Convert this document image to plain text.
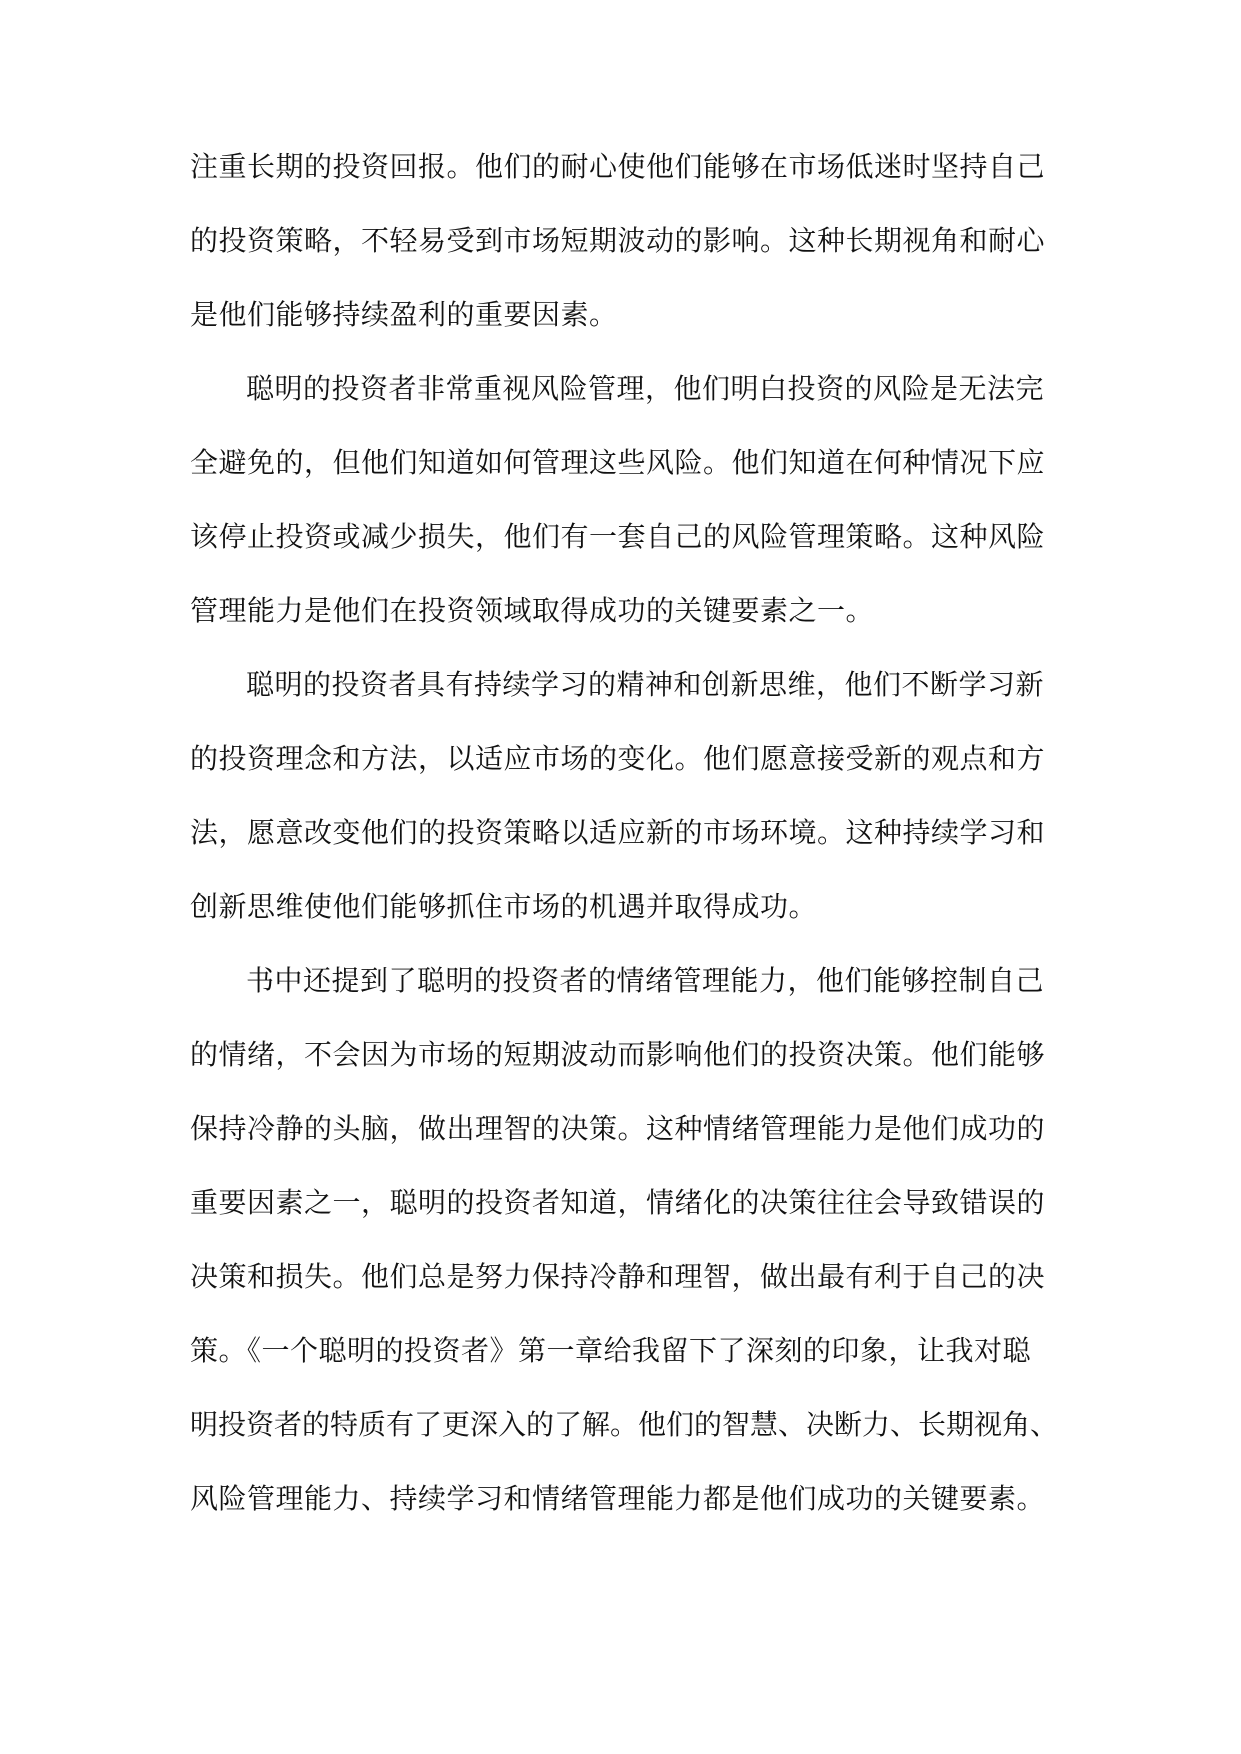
注重长期的投资回报。他们的耐心使他们能够在市场低迷时坚持自己
的投资策略，不轻易受到市场短期波动的影响。这种长期视角和耐心
是他们能够持续盈利的重要因素。
聪明的投资者非常重视风险管理，他们明白投资的风险是无法完
全避免的，但他们知道如何管理这些风险。他们知道在何种情况下应
该停止投资或减少损失，他们有一套自己的风险管理策略。这种风险
管理能力是他们在投资领域取得成功的关键要素之一。
聪明的投资者具有持续学习的精神和创新思维，他们不断学习新
的投资理念和方法，以适应市场的变化。他们愿意接受新的观点和方
法，愿意改变他们的投资策略以适应新的市场环境。这种持续学习和
创新思维使他们能够抓住市场的机遇并取得成功。
书中还提到了聪明的投资者的情绪管理能力，他们能够控制自己
的情绪，不会因为市场的短期波动而影响他们的投资决策。他们能够
保持冷静的头脑，做出理智的决策。这种情绪管理能力是他们成功的
重要因素之一，聪明的投资者知道，情绪化的决策往往会导致错误的
决策和损失。他们总是努力保持冷静和理智，做出最有利于自己的决
策。《一个聪明的投资者》第一章给我留下了深刻的印象，让我对聪
明投资者的特质有了更深入的了解。他们的智慧、决断力、长期视角、
风险管理能力、持续学习和情绪管理能力都是他们成功的关键要素。
